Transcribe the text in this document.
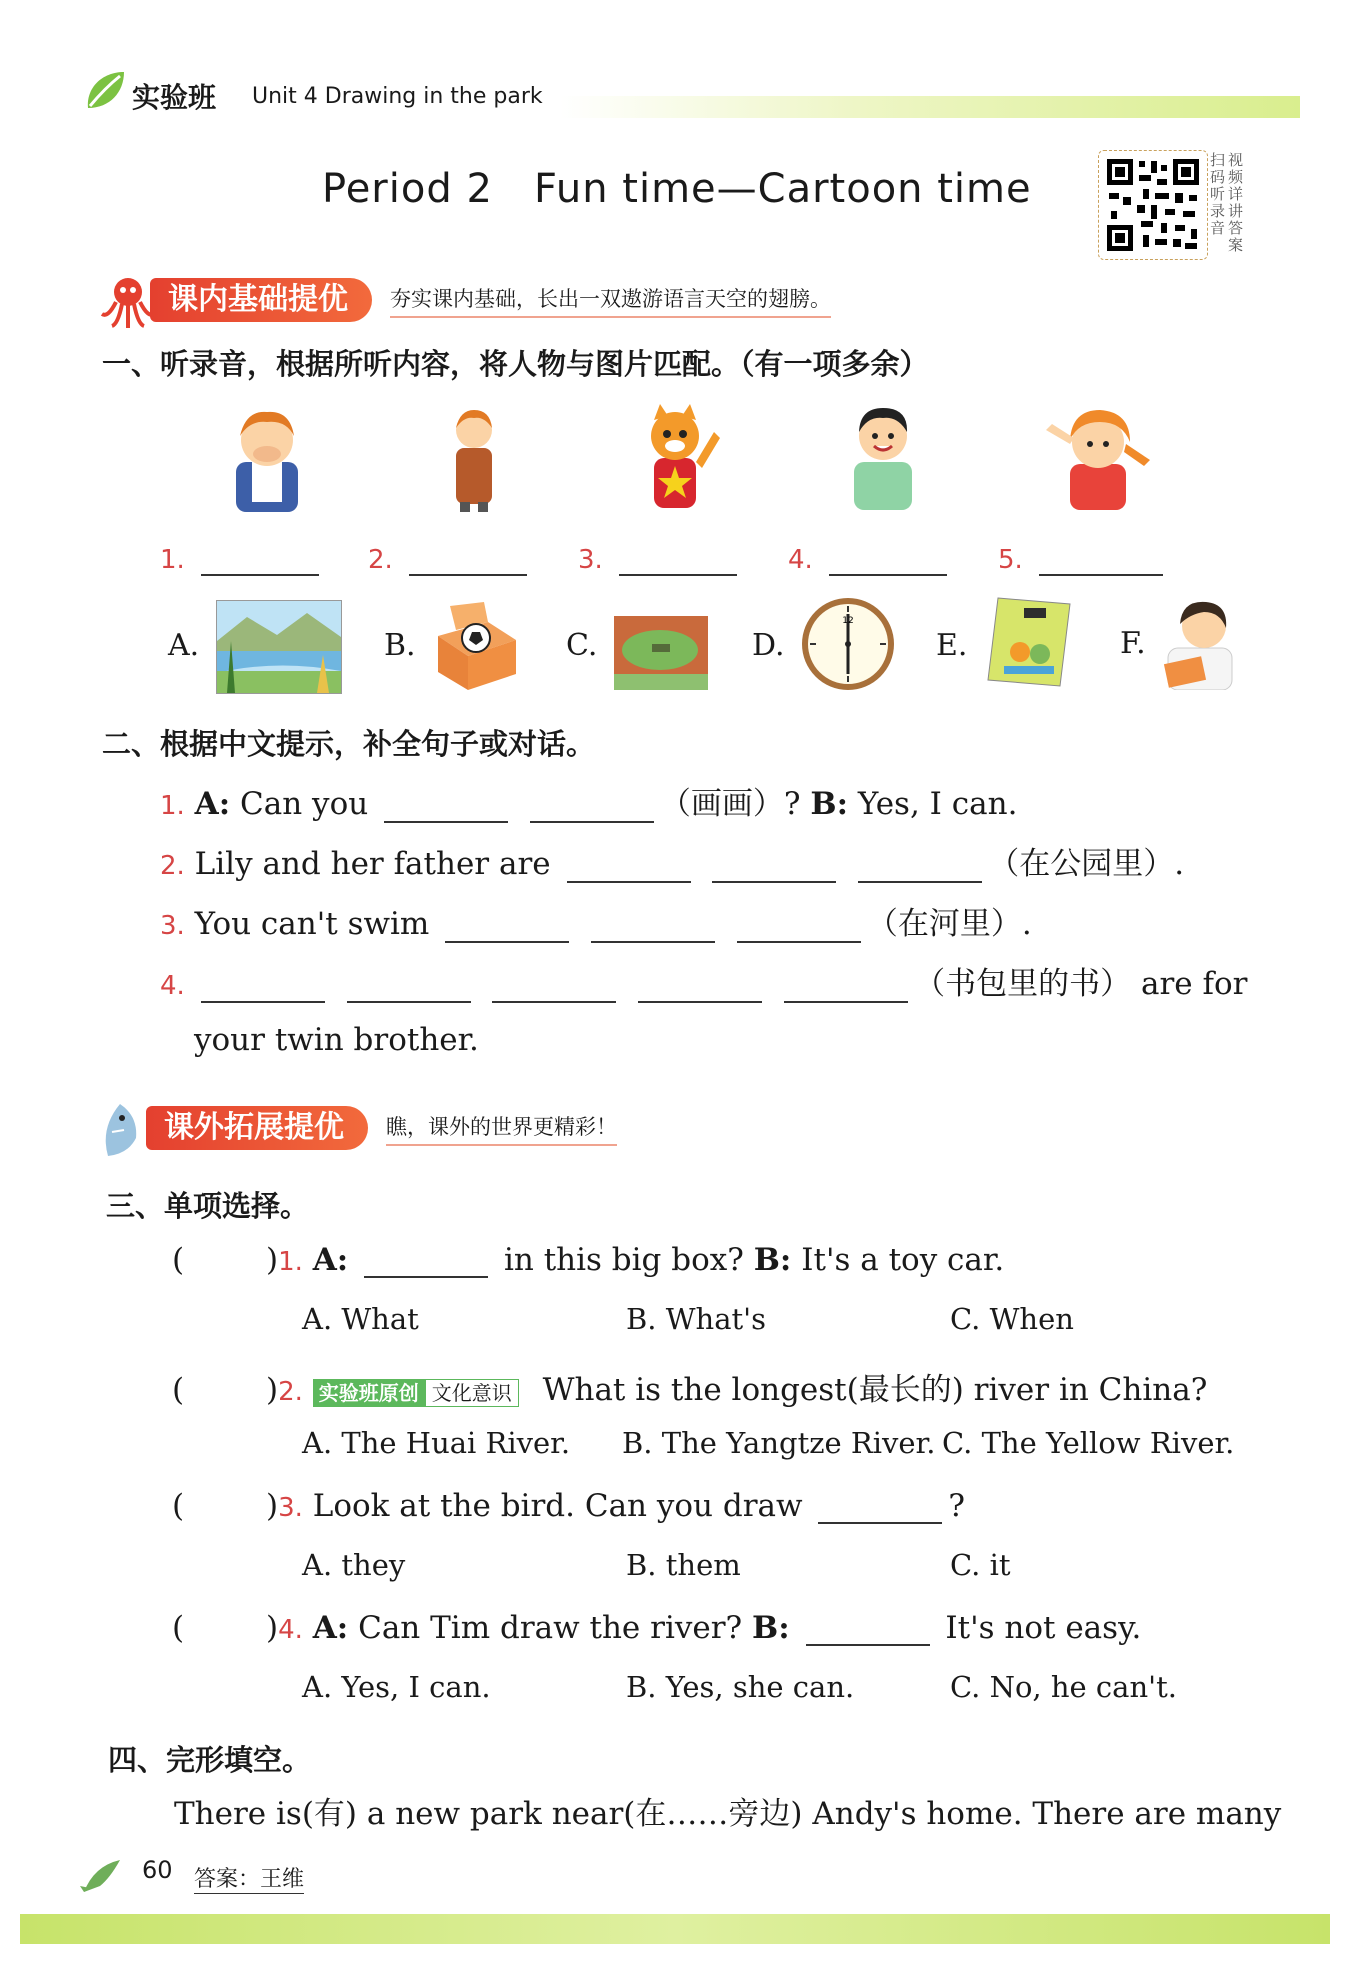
实验班 Unit 4 Drawing in the park
Period 2   Fun time—Cartoon time
扫码听录音
视频详讲答案
课内基础提优	夯实课内基础，长出一双遨游语言天空的翅膀。
一、听录音，根据所听内容，将人物与图片匹配。（有一项多余）
1.	2.	3.	4.	5.
A.	B.	C.	D.
12
E.	F.
二、根据中文提示，补全句子或对话。
1. A: Can you	（画画）? B: Yes, I can.
2. Lily and her father are	（在公园里）.
3. You can't swim	（在河里）.
4.	（书包里的书） are for
your twin brother.
课外拓展提优	瞧，课外的世界更精彩！
三、单项选择。
(	)1. A:	in this big box? B: It's a toy car.
A. What	B. What's	C. When
(	)2. 实验班原创 文化意识 What is the longest(最长的) river in China?
A. The Huai River. B. The Yangtze River. C. The Yellow River.
(	)3. Look at the bird. Can you draw	?
A. they	B. them	C. it
(	)4. A: Can Tim draw the river? B:	It's not easy.
A. Yes, I can.	B. Yes, she can.	C. No, he can't.
四、完形填空。
There is(有) a new park near(在……旁边) Andy's home. There are many
60 答案：王维
